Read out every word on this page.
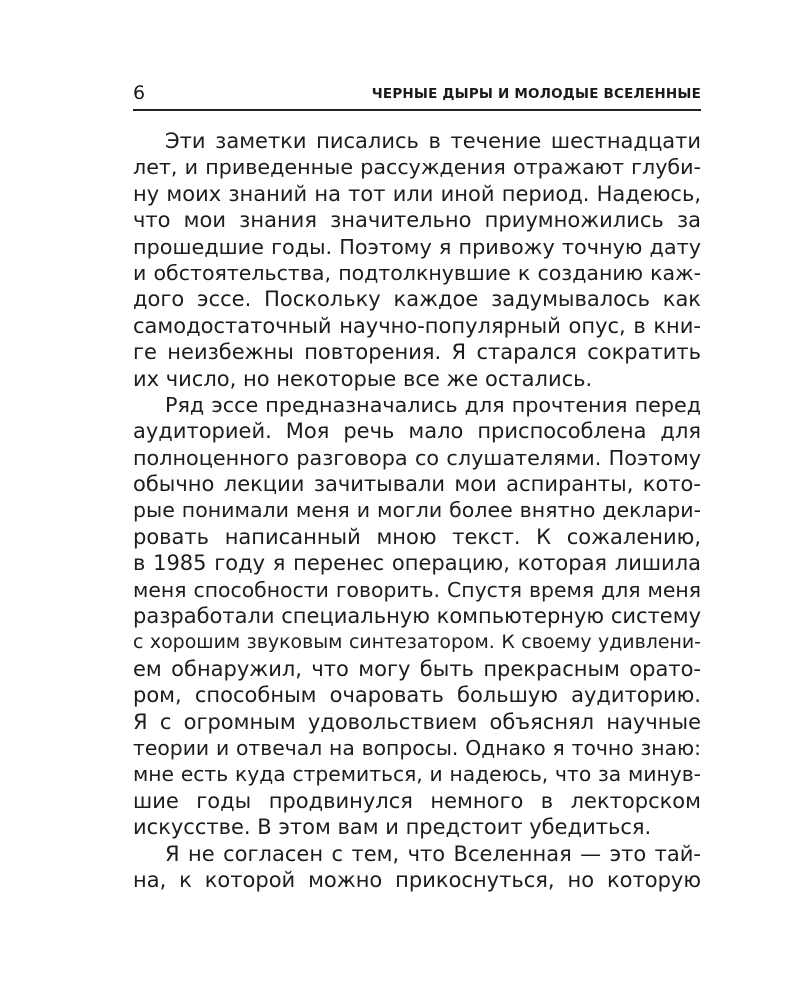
6	ЧЕРНЫЕ ДЫРЫ И МОЛОДЫЕ ВСЕЛЕННЫЕ
Эти заметки писались в течение шестнадцати
лет, и приведенные рассуждения отражают глуби-
ну моих знаний на тот или иной период. Надеюсь,
что мои знания значительно приумножились за
прошедшие годы. Поэтому я привожу точную дату
и обстоятельства, подтолкнувшие к созданию каж-
дого эссе. Поскольку каждое задумывалось как
самодостаточный научно-популярный опус, в кни-
ге неизбежны повторения. Я старался сократить
их число, но некоторые все же остались.
Ряд эссе предназначались для прочтения перед
аудиторией. Моя речь мало приспособлена для
полноценного разговора со слушателями. Поэтому
обычно лекции зачитывали мои аспиранты, кото-
рые понимали меня и могли более внятно деклари-
ровать написанный мною текст. К сожалению,
в 1985 году я перенес операцию, которая лишила
меня способности говорить. Спустя время для меня
разработали специальную компьютерную систему
с хорошим звуковым синтезатором. К своему удивлени-
ем обнаружил, что могу быть прекрасным орато-
ром, способным очаровать большую аудиторию.
Я с огромным удовольствием объяснял научные
теории и отвечал на вопросы. Однако я точно знаю:
мне есть куда стремиться, и надеюсь, что за минув-
шие годы продвинулся немного в лекторском
искусстве. В этом вам и предстоит убедиться.
Я не согласен с тем, что Вселенная — это тай-
на, к которой можно прикоснуться, но которую
